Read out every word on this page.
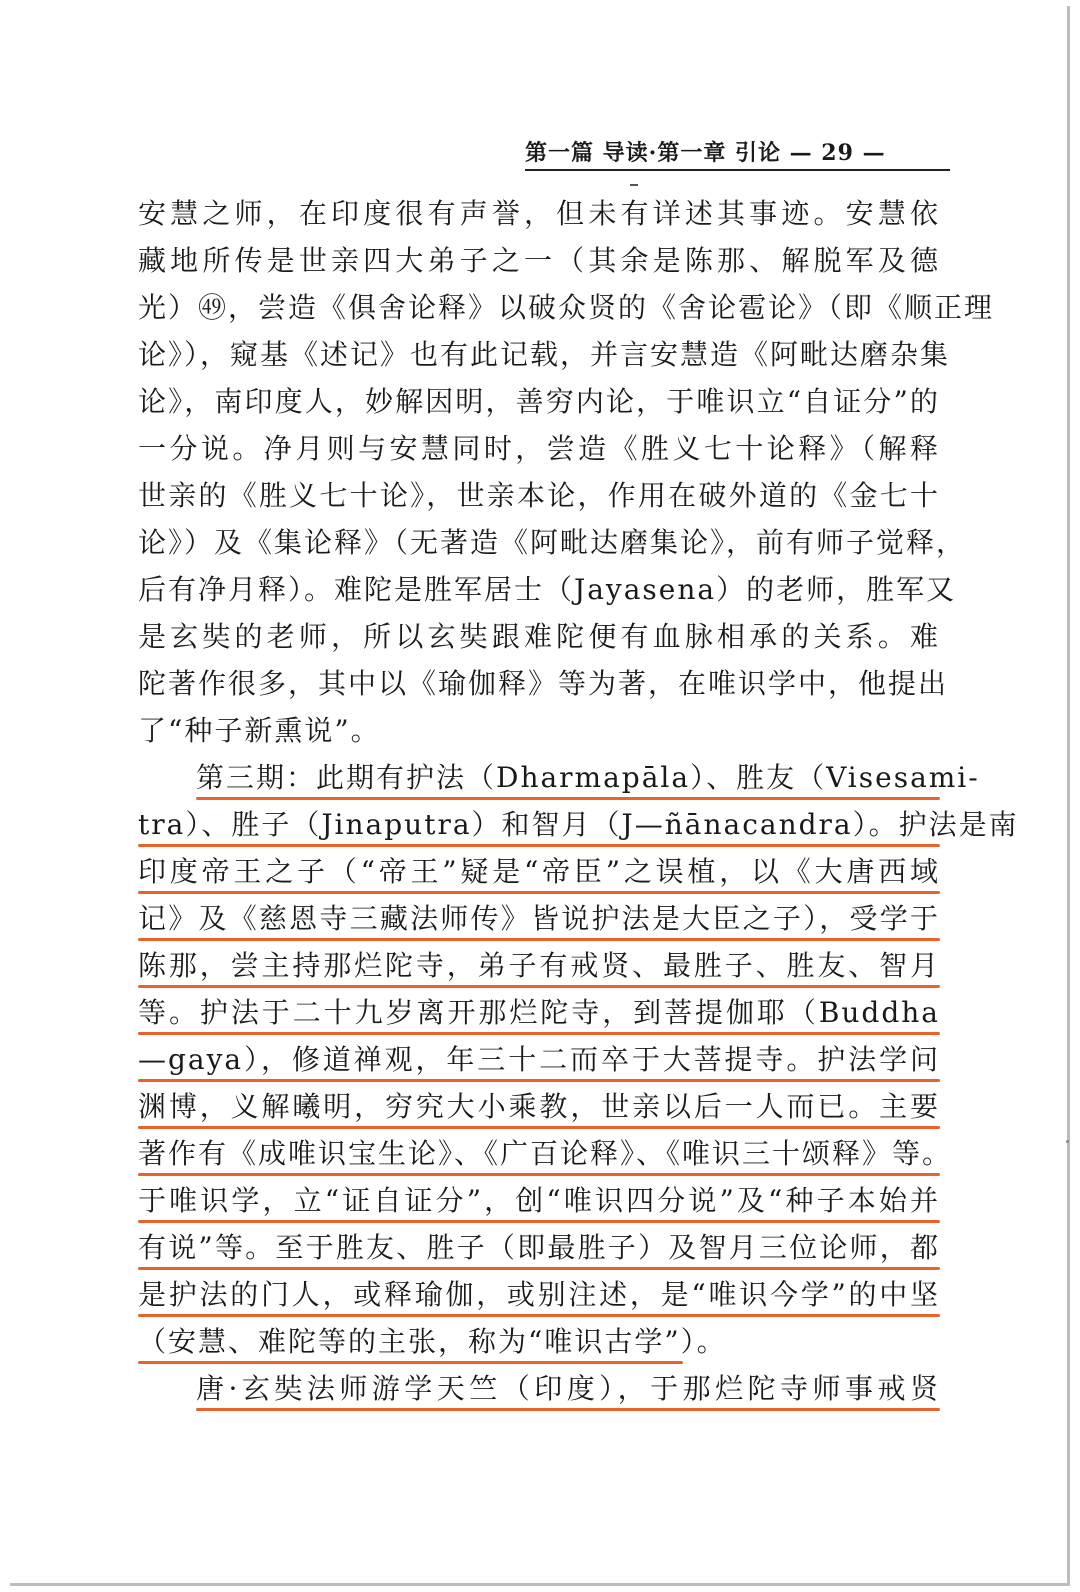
第一篇 导读·第一章 引论 — 29 —
安慧之师，在印度很有声誉，但未有详述其事迹。安慧依
藏地所传是世亲四大弟子之一（其余是陈那、解脱军及德
光）㊾，尝造《俱舍论释》以破众贤的《舍论雹论》（即《顺正理
论》），窥基《述记》也有此记载，并言安慧造《阿毗达磨杂集
论》，南印度人，妙解因明，善穷内论，于唯识立“自证分”的
一分说。净月则与安慧同时，尝造《胜义七十论释》（解释
世亲的《胜义七十论》，世亲本论，作用在破外道的《金七十
论》）及《集论释》（无著造《阿毗达磨集论》，前有师子觉释，
后有净月释）。难陀是胜军居士（Jayasena）的老师，胜军又
是玄奘的老师，所以玄奘跟难陀便有血脉相承的关系。难
陀著作很多，其中以《瑜伽释》等为著，在唯识学中，他提出
了“种子新熏说”。
第三期：此期有护法（Dharmapāla）、胜友（Visesami-
tra）、胜子（Jinaputra）和智月（J—ñānacandra）。护法是南
印度帝王之子（“帝王”疑是“帝臣”之误植，以《大唐西域
记》及《慈恩寺三藏法师传》皆说护法是大臣之子），受学于
陈那，尝主持那烂陀寺，弟子有戒贤、最胜子、胜友、智月
等。护法于二十九岁离开那烂陀寺，到菩提伽耶（Buddha
—gaya），修道禅观，年三十二而卒于大菩提寺。护法学问
渊博，义解曦明，穷究大小乘教，世亲以后一人而已。主要
著作有《成唯识宝生论》、《广百论释》、《唯识三十颂释》等。
于唯识学，立“证自证分”，创“唯识四分说”及“种子本始并
有说”等。至于胜友、胜子（即最胜子）及智月三位论师，都
是护法的门人，或释瑜伽，或别注述，是“唯识今学”的中坚
（安慧、难陀等的主张，称为“唯识古学”）。
唐·玄奘法师游学天竺（印度），于那烂陀寺师事戒贤
